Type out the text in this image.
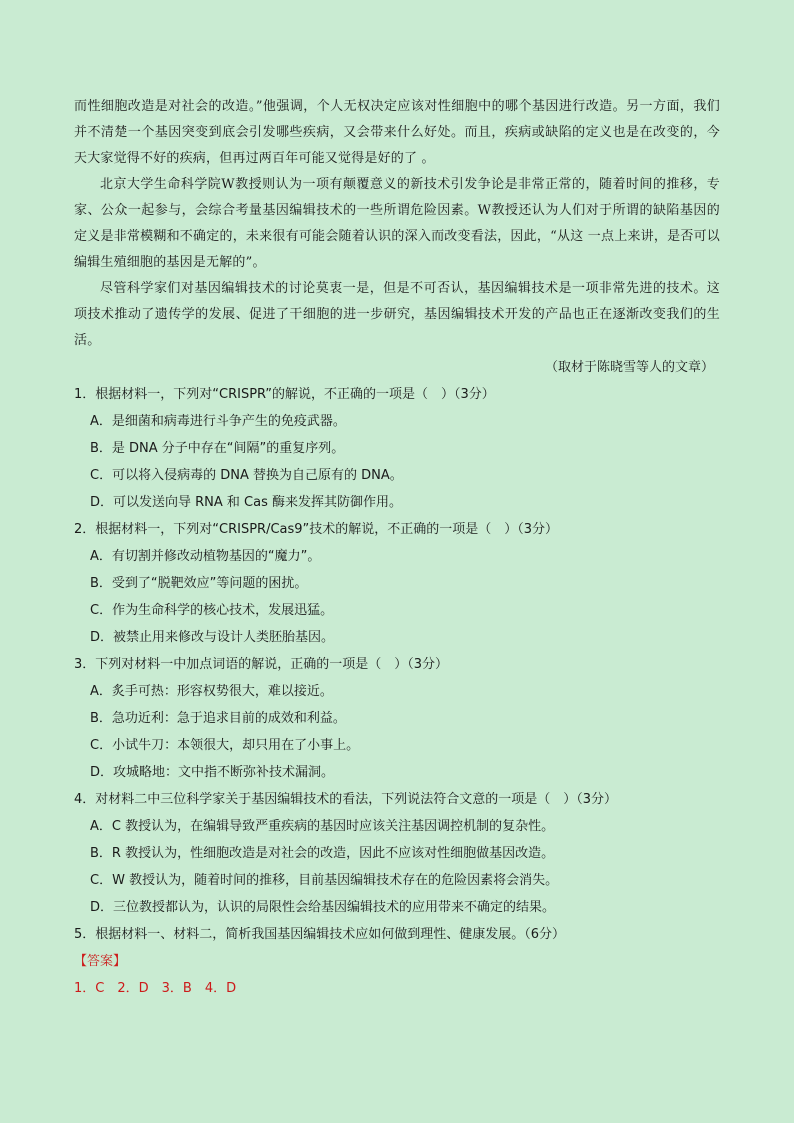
而性细胞改造是对社会的改造。”他强调，个人无权决定应该对性细胞中的哪个基因进行改造。另一方面，我们并不清楚一个基因突变到底会引发哪些疾病，又会带来什么好处。而且，疾病或缺陷的定义也是在改变的，今天大家觉得不好的疾病，但再过两百年可能又觉得是好的了 。

北京大学生命科学院W教授则认为一项有颠覆意义的新技术引发争论是非常正常的，随着时间的推移，专家、公众一起参与，会综合考量基因编辑技术的一些所谓危险因素。W教授还认为人们对于所谓的缺陷基因的定义是非常模糊和不确定的，未来很有可能会随着认识的深入而改变看法，因此，“从这 一点上来讲，是否可以编辑生殖细胞的基因是无解的”。

尽管科学家们对基因编辑技术的讨论莫衷一是，但是不可否认，基因编辑技术是一项非常先进的技术。这项技术推动了遗传学的发展、促进了干细胞的进一步研究，基因编辑技术开发的产品也正在逐渐改变我们的生活。

（取材于陈晓雪等人的文章）

1．根据材料一，下列对“CRISPR”的解说，不正确的一项是（　）（3分）

A．是细菌和病毒进行斗争产生的免疫武器。

B．是 DNA 分子中存在“间隔”的重复序列。

C．可以将入侵病毒的 DNA 替换为自己原有的 DNA。

D．可以发送向导 RNA 和 Cas 酶来发挥其防御作用。

2．根据材料一，下列对“CRISPR/Cas9”技术的解说，不正确的一项是（　）（3分）

A．有切割并修改动植物基因的“魔力”。

B．受到了“脱靶效应”等问题的困扰。

C．作为生命科学的核心技术，发展迅猛。

D．被禁止用来修改与设计人类胚胎基因。

3．下列对材料一中加点词语的解说，正确的一项是（　）（3分）

A．炙手可热：形容权势很大，难以接近。

B．急功近利：急于追求目前的成效和利益。

C．小试牛刀：本领很大，却只用在了小事上。

D．攻城略地：文中指不断弥补技术漏洞。

4．对材料二中三位科学家关于基因编辑技术的看法，下列说法符合文意的一项是（　）（3分）

A．C 教授认为，在编辑导致严重疾病的基因时应该关注基因调控机制的复杂性。

B．R 教授认为，性细胞改造是对社会的改造，因此不应该对性细胞做基因改造。

C．W 教授认为，随着时间的推移，目前基因编辑技术存在的危险因素将会消失。

D．三位教授都认为，认识的局限性会给基因编辑技术的应用带来不确定的结果。

5．根据材料一、材料二，简析我国基因编辑技术应如何做到理性、健康发展。（6分）

【答案】
1．C　2．D　3．B　4．D
